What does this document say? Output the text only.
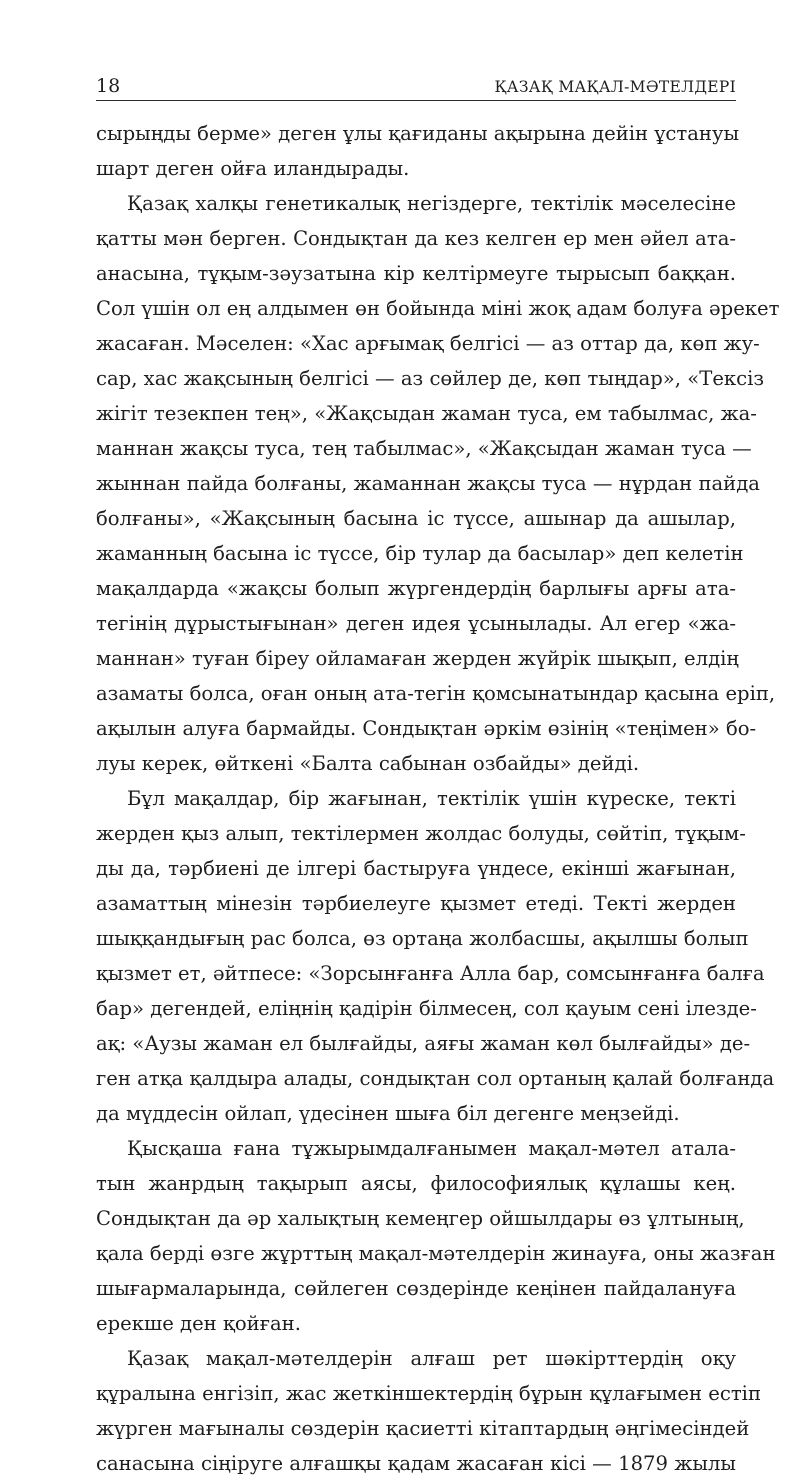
18	ҚАЗАҚ МАҚАЛ-МӘТЕЛДЕРІ
сырыңды берме» деген ұлы қағиданы ақырына дейін ұстануы
шарт деген ойға иландырады.
Қазақ халқы генетикалық негіздерге, тектілік мәселесіне
қатты мән берген. Сондықтан да кез келген ер мен әйел ата-
анасына, тұқым-зәузатына кір келтірмеуге тырысып баққан.
Сол үшін ол ең алдымен өн бойында міні жоқ адам болуға әрекет
жасаған. Мәселен: «Хас арғымақ белгісі — аз оттар да, көп жу-
сар, хас жақсының белгісі — аз сөйлер де, көп тыңдар», «Тексіз
жігіт тезекпен тең», «Жақсыдан жаман туса, ем табылмас, жа-
маннан жақсы туса, тең табылмас», «Жақсыдан жаман туса —
жыннан пайда болғаны, жаманнан жақсы туса — нұрдан пайда
болғаны», «Жақсының басына іс түссе, ашынар да ашылар,
жаманның басына іс түссе, бір тулар да басылар» деп келетін
мақалдарда «жақсы болып жүргендердің барлығы арғы ата-
тегінің дұрыстығынан» деген идея ұсынылады. Ал егер «жа-
маннан» туған біреу ойламаған жерден жүйрік шықып, елдің
азаматы болса, оған оның ата-тегін қомсынатындар қасына еріп,
ақылын алуға бармайды. Сондықтан әркім өзінің «теңімен» бо-
луы керек, өйткені «Балта сабынан озбайды» дейді.
Бұл мақалдар, бір жағынан, тектілік үшін күреске, текті
жерден қыз алып, тектілермен жолдас болуды, сөйтіп, тұқым-
ды да, тәрбиені де ілгері бастыруға үндесе, екінші жағынан,
азаматтың мінезін тәрбиелеуге қызмет етеді. Текті жерден
шыққандығың рас болса, өз ортаңа жолбасшы, ақылшы болып
қызмет ет, әйтпесе: «Зорсынғанға Алла бар, сомсынғанға балға
бар» дегендей, еліңнің қадірін білмесең, сол қауым сені ілезде-
ақ: «Аузы жаман ел былғайды, аяғы жаман көл былғайды» де-
ген атқа қалдыра алады, сондықтан сол ортаның қалай болғанда
да мүддесін ойлап, үдесінен шыға біл дегенге меңзейді.
Қысқаша ғана тұжырымдалғанымен мақал-мәтел атала-
тын жанрдың тақырып аясы, философиялық құлашы кең.
Сондықтан да әр халықтың кемеңгер ойшылдары өз ұлтының,
қала берді өзге жұрттың мақал-мәтелдерін жинауға, оны жазған
шығармаларында, сөйлеген сөздерінде кеңінен пайдалануға
ерекше ден қойған.
Қазақ мақал-мәтелдерін алғаш рет шәкірттердің оқу
құралына енгізіп, жас жеткіншектердің бұрын құлағымен естіп
жүрген мағыналы сөздерін қасиетті кітаптардың әңгімесіндей
санасына сіңіруге алғашқы қадам жасаған кісі — 1879 жылы
